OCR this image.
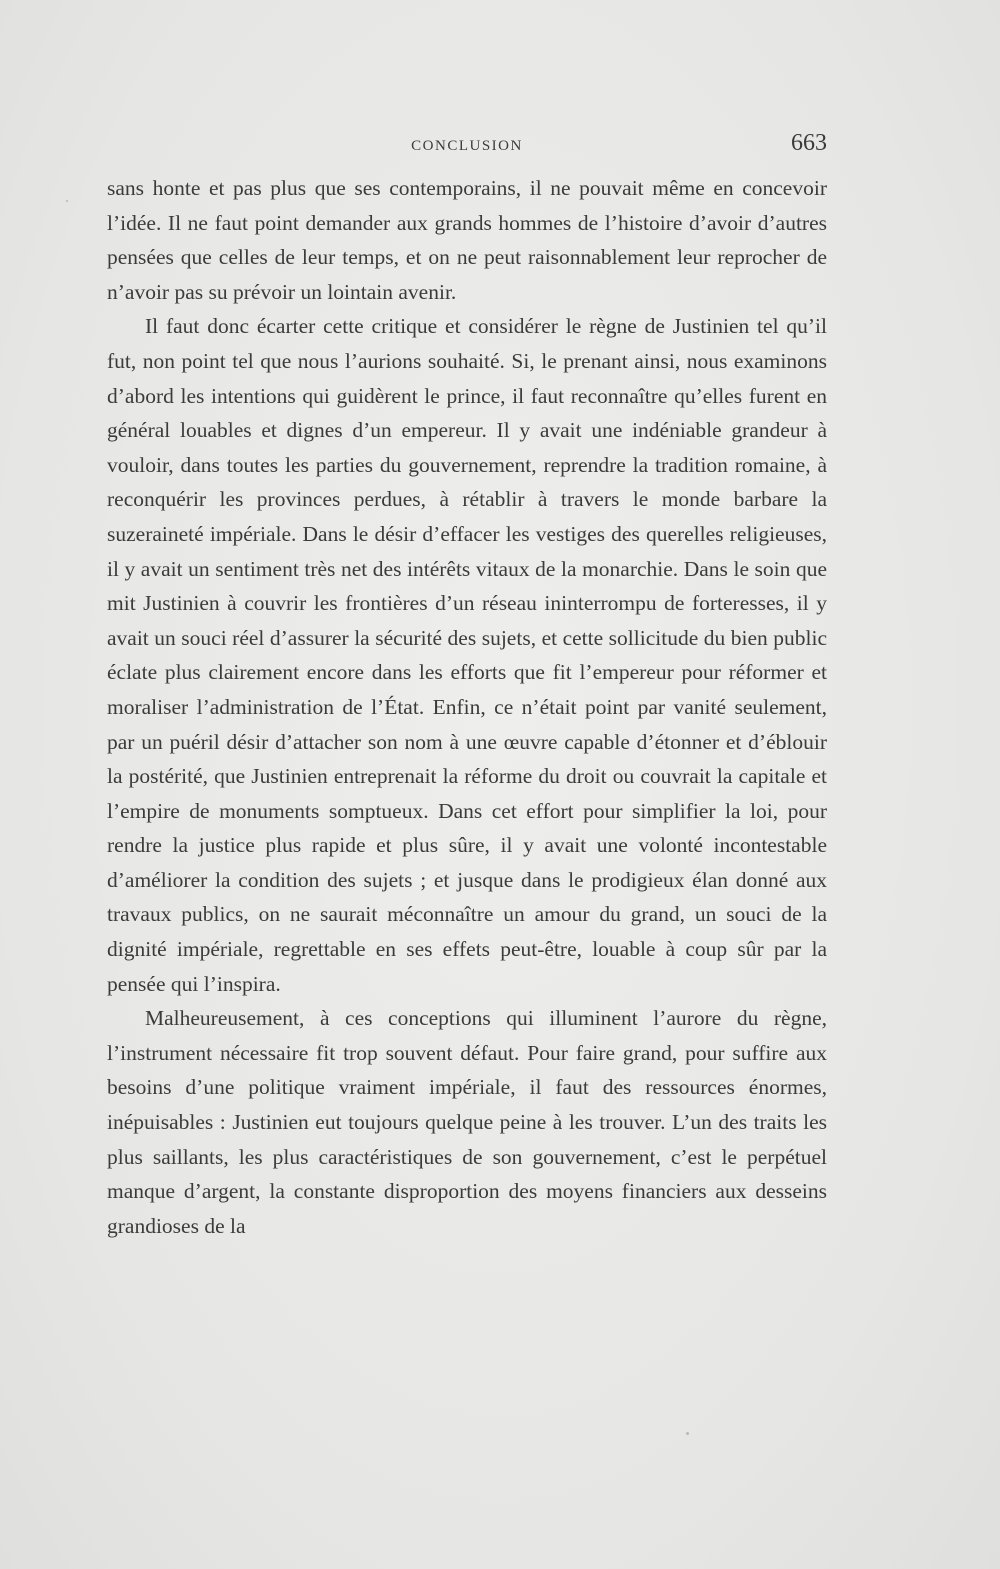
CONCLUSION	663

sans honte et pas plus que ses contemporains, il ne pouvait même en concevoir l’idée. Il ne faut point demander aux grands hommes de l’histoire d’avoir d’autres pensées que celles de leur temps, et on ne peut raisonnablement leur reprocher de n’avoir pas su prévoir un lointain avenir.

Il faut donc écarter cette critique et considérer le règne de Justinien tel qu’il fut, non point tel que nous l’aurions souhaité. Si, le prenant ainsi, nous examinons d’abord les intentions qui guidèrent le prince, il faut reconnaître qu’elles furent en général louables et dignes d’un empereur. Il y avait une indéniable grandeur à vouloir, dans toutes les parties du gouvernement, reprendre la tradition romaine, à reconquérir les provinces perdues, à rétablir à travers le monde barbare la suzeraineté impériale. Dans le désir d’effacer les vestiges des querelles religieuses, il y avait un sentiment très net des intérêts vitaux de la monarchie. Dans le soin que mit Justinien à couvrir les frontières d’un réseau ininterrompu de forteresses, il y avait un souci réel d’assurer la sécurité des sujets, et cette sollicitude du bien public éclate plus clairement encore dans les efforts que fit l’empereur pour réformer et moraliser l’administration de l’État. Enfin, ce n’était point par vanité seulement, par un puéril désir d’attacher son nom à une œuvre capable d’étonner et d’éblouir la postérité, que Justinien entreprenait la réforme du droit ou couvrait la capitale et l’empire de monuments somptueux. Dans cet effort pour simplifier la loi, pour rendre la justice plus rapide et plus sûre, il y avait une volonté incontestable d’améliorer la condition des sujets ; et jusque dans le prodigieux élan donné aux travaux publics, on ne saurait méconnaître un amour du grand, un souci de la dignité impériale, regrettable en ses effets peut-être, louable à coup sûr par la pensée qui l’inspira.

Malheureusement, à ces conceptions qui illuminent l’aurore du règne, l’instrument nécessaire fit trop souvent défaut. Pour faire grand, pour suffire aux besoins d’une politique vraiment impériale, il faut des ressources énormes, inépuisables : Justinien eut toujours quelque peine à les trouver. L’un des traits les plus saillants, les plus caractéristiques de son gouvernement, c’est le perpétuel manque d’argent, la constante disproportion des moyens financiers aux desseins grandioses de la
